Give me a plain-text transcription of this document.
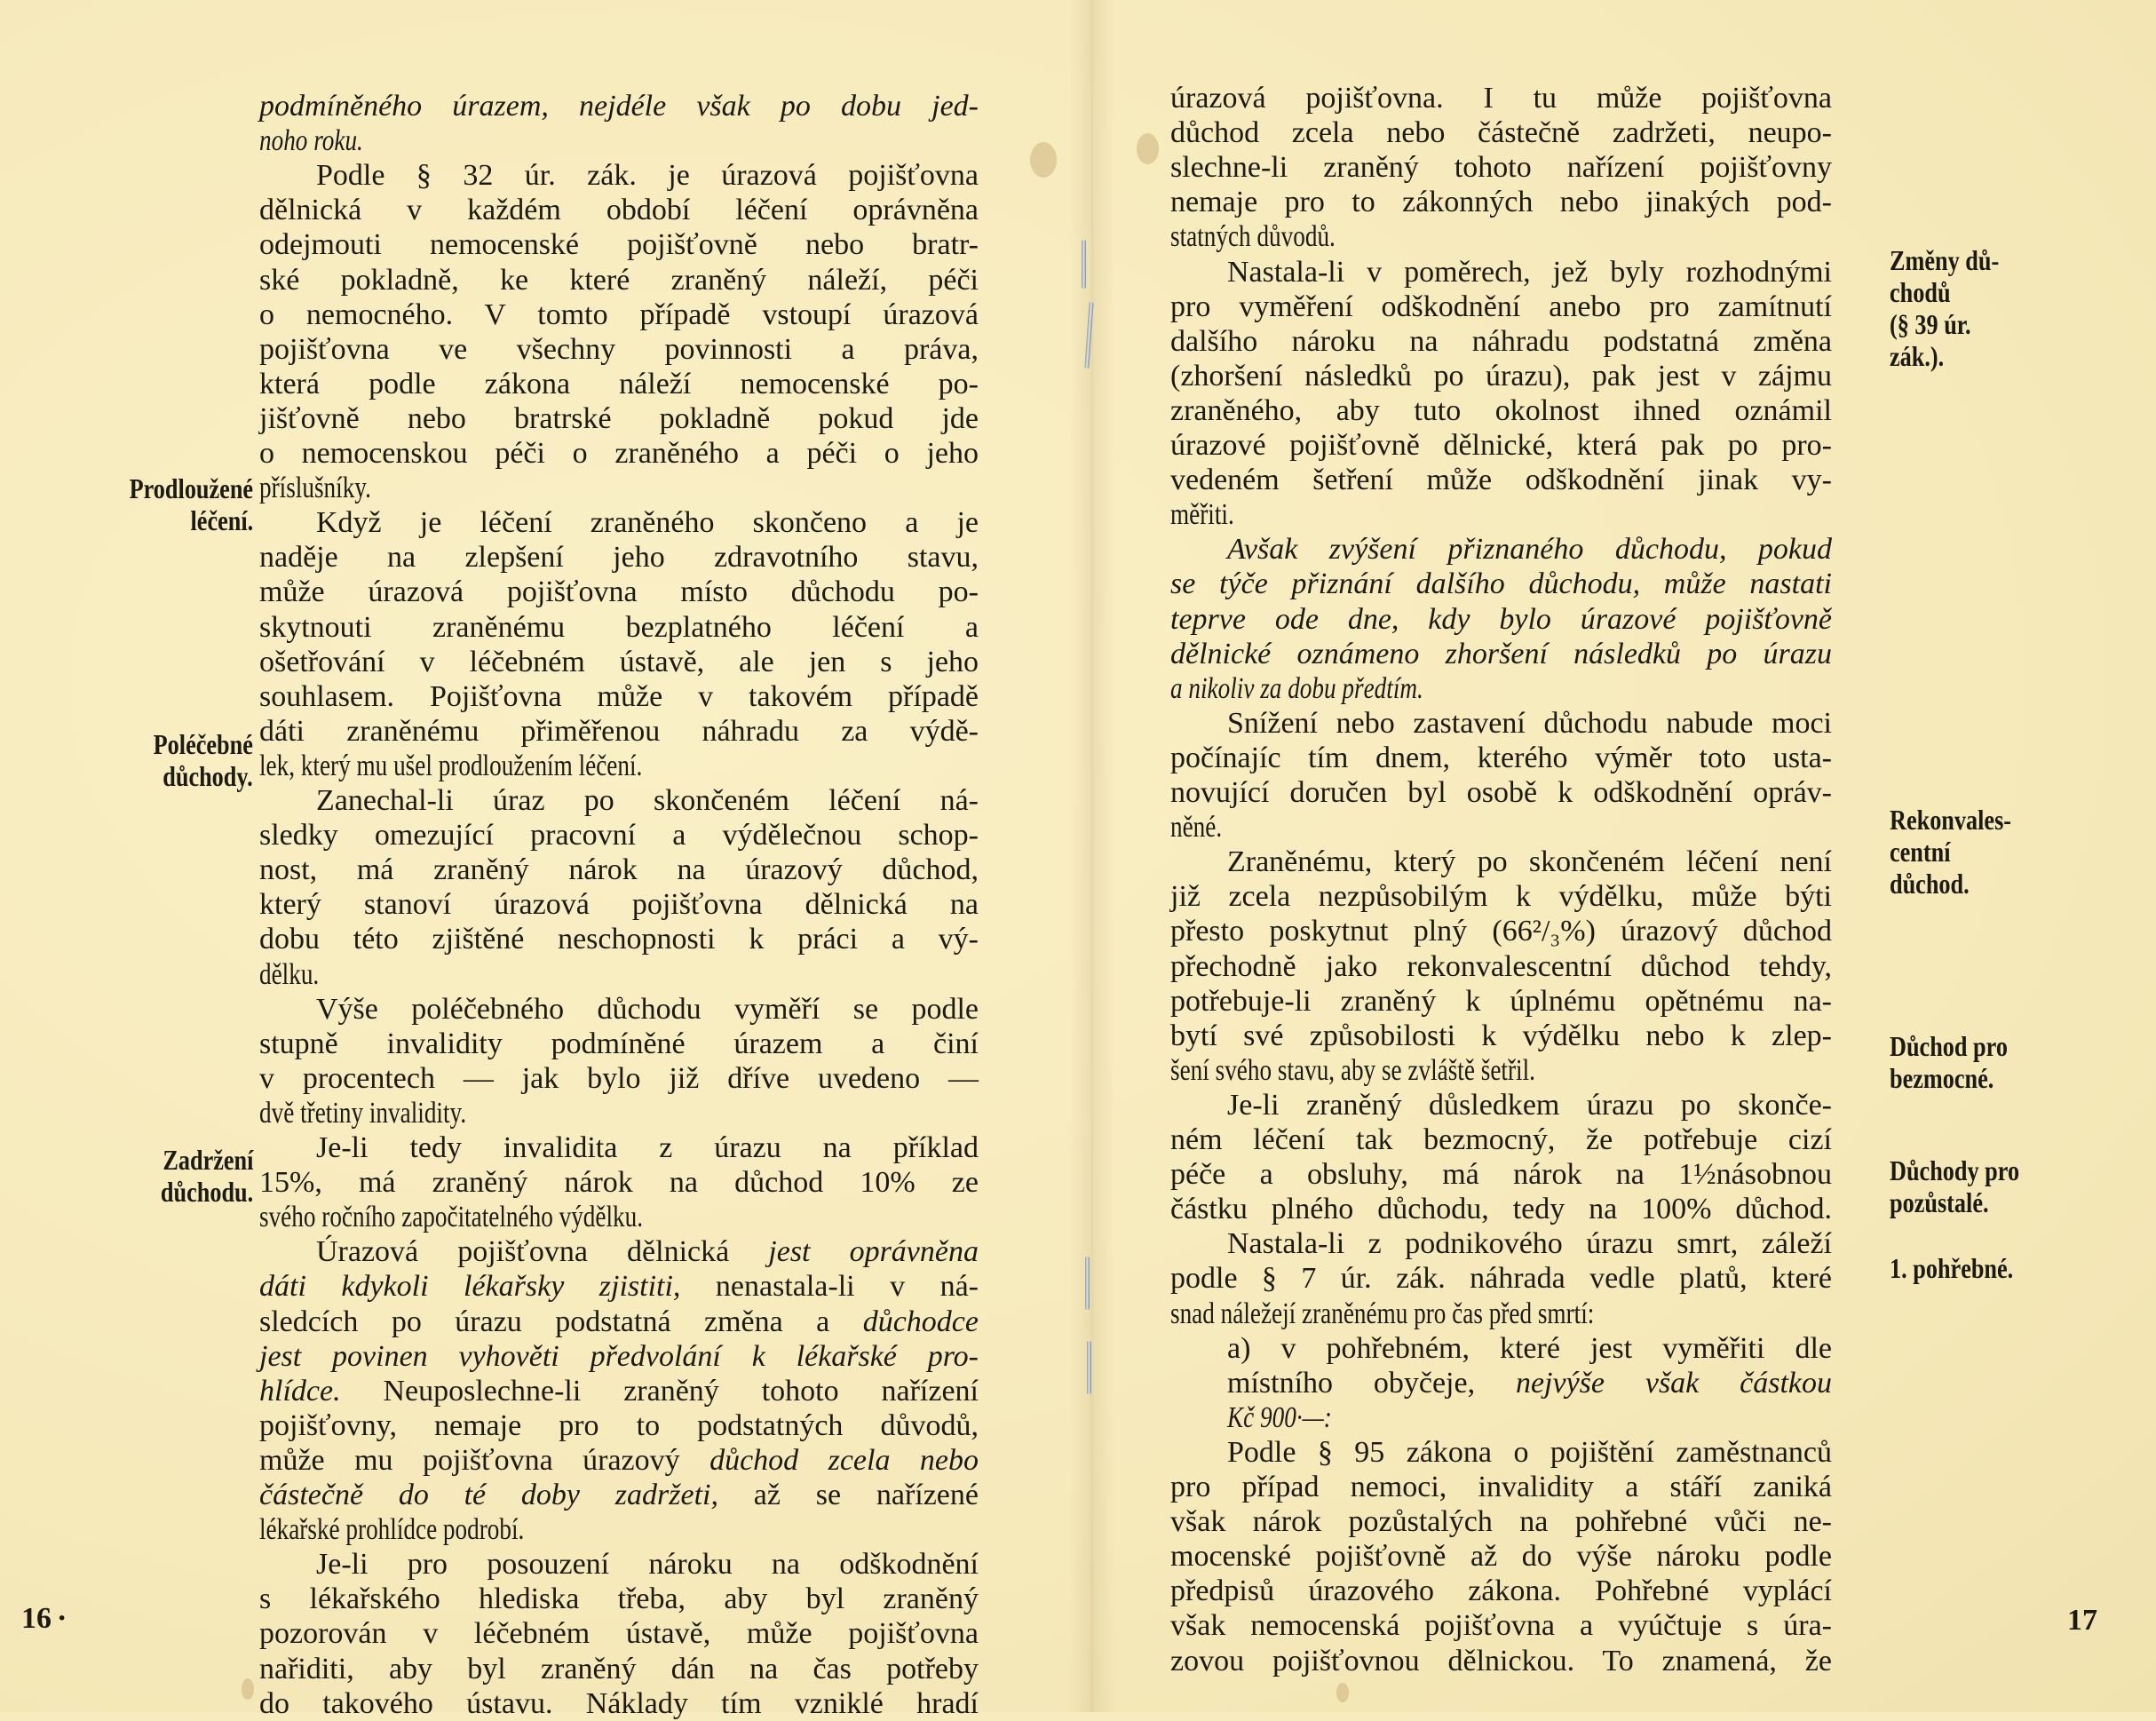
podmíněného úrazem, nejdéle však po dobu jed-
noho roku.
Podle § 32 úr. zák. je úrazová pojišťovna
dělnická v každém období léčení oprávněna
odejmouti nemocenské pojišťovně nebo bratr-
ské pokladně, ke které zraněný náleží, péči
o nemocného. V tomto případě vstoupí úrazová
pojišťovna ve všechny povinnosti a práva,
která podle zákona náleží nemocenské po-
jišťovně nebo bratrské pokladně pokud jde
o nemocenskou péči o zraněného a péči o jeho
příslušníky.
Když je léčení zraněného skončeno a je
naděje na zlepšení jeho zdravotního stavu,
může úrazová pojišťovna místo důchodu po-
skytnouti zraněnému bezplatného léčení a
ošetřování v léčebném ústavě, ale jen s jeho
souhlasem. Pojišťovna může v takovém případě
dáti zraněnému přiměřenou náhradu za výdě-
lek, který mu ušel prodloužením léčení.
Zanechal-li úraz po skončeném léčení ná-
sledky omezující pracovní a výdělečnou schop-
nost, má zraněný nárok na úrazový důchod,
který stanoví úrazová pojišťovna dělnická na
dobu této zjištěné neschopnosti k práci a vý-
dělku.
Výše poléčebného důchodu vyměří se podle
stupně invalidity podmíněné úrazem a činí
v procentech — jak bylo již dříve uvedeno —
dvě třetiny invalidity.
Je-li tedy invalidita z úrazu na příklad
15%, má zraněný nárok na důchod 10% ze
svého ročního započitatelného výdělku.
Úrazová pojišťovna dělnická jest oprávněna
dáti kdykoli lékařsky zjistiti, nenastala-li v ná-
sledcích po úrazu podstatná změna a důchodce
jest povinen vyhověti předvolání k lékařské pro-
hlídce. Neuposlechne-li zraněný tohoto nařízení
pojišťovny, nemaje pro to podstatných důvodů,
může mu pojišťovna úrazový důchod zcela nebo
částečně do té doby zadržeti, až se nařízené
lékařské prohlídce podrobí.
Je-li pro posouzení nároku na odškodnění
s lékařského hlediska třeba, aby byl zraněný
pozorován v léčebném ústavě, může pojišťovna
nařiditi, aby byl zraněný dán na čas potřeby
do takového ústavu. Náklady tím vzniklé hradí
Prodloužené
léčení.
Poléčebné
důchody.
Zadržení
důchodu.
16 ·
úrazová pojišťovna. I tu může pojišťovna
důchod zcela nebo částečně zadržeti, neupo-
slechne-li zraněný tohoto nařízení pojišťovny
nemaje pro to zákonných nebo jinakých pod-
statných důvodů.
Nastala-li v poměrech, jež byly rozhodnými
pro vyměření odškodnění anebo pro zamítnutí
dalšího nároku na náhradu podstatná změna
(zhoršení následků po úrazu), pak jest v zájmu
zraněného, aby tuto okolnost ihned oznámil
úrazové pojišťovně dělnické, která pak po pro-
vedeném šetření může odškodnění jinak vy-
měřiti.
Avšak zvýšení přiznaného důchodu, pokud
se týče přiznání dalšího důchodu, může nastati
teprve ode dne, kdy bylo úrazové pojišťovně
dělnické oznámeno zhoršení následků po úrazu
a nikoliv za dobu předtím.
Snížení nebo zastavení důchodu nabude moci
počínajíc tím dnem, kterého výměr toto usta-
novující doručen byl osobě k odškodnění opráv-
něné.
Zraněnému, který po skončeném léčení není
již zcela nezpůsobilým k výdělku, může býti
přesto poskytnut plný (66²/₃%) úrazový důchod
přechodně jako rekonvalescentní důchod tehdy,
potřebuje-li zraněný k úplnému opětnému na-
bytí své způsobilosti k výdělku nebo k zlep-
šení svého stavu, aby se zvláště šetřil.
Je-li zraněný důsledkem úrazu po skonče-
ném léčení tak bezmocný, že potřebuje cizí
péče a obsluhy, má nárok na 1½násobnou
částku plného důchodu, tedy na 100% důchod.
Nastala-li z podnikového úrazu smrt, záleží
podle § 7 úr. zák. náhrada vedle platů, které
snad náležejí zraněnému pro čas před smrtí:
a) v pohřebném, které jest vyměřiti dle
místního obyčeje, nejvýše však částkou
Kč 900·—:
Podle § 95 zákona o pojištění zaměstnanců
pro případ nemoci, invalidity a stáří zaniká
však nárok pozůstalých na pohřebné vůči ne-
mocenské pojišťovně až do výše nároku podle
předpisů úrazového zákona. Pohřebné vyplácí
však nemocenská pojišťovna a vyúčtuje s úra-
zovou pojišťovnou dělnickou. To znamená, že
Změny dů-
chodů
(§ 39 úr.
zák.).
Rekonvales-
centní
důchod.
Důchod pro
bezmocné.
Důchody pro
pozůstalé.
1. pohřebné.
17
